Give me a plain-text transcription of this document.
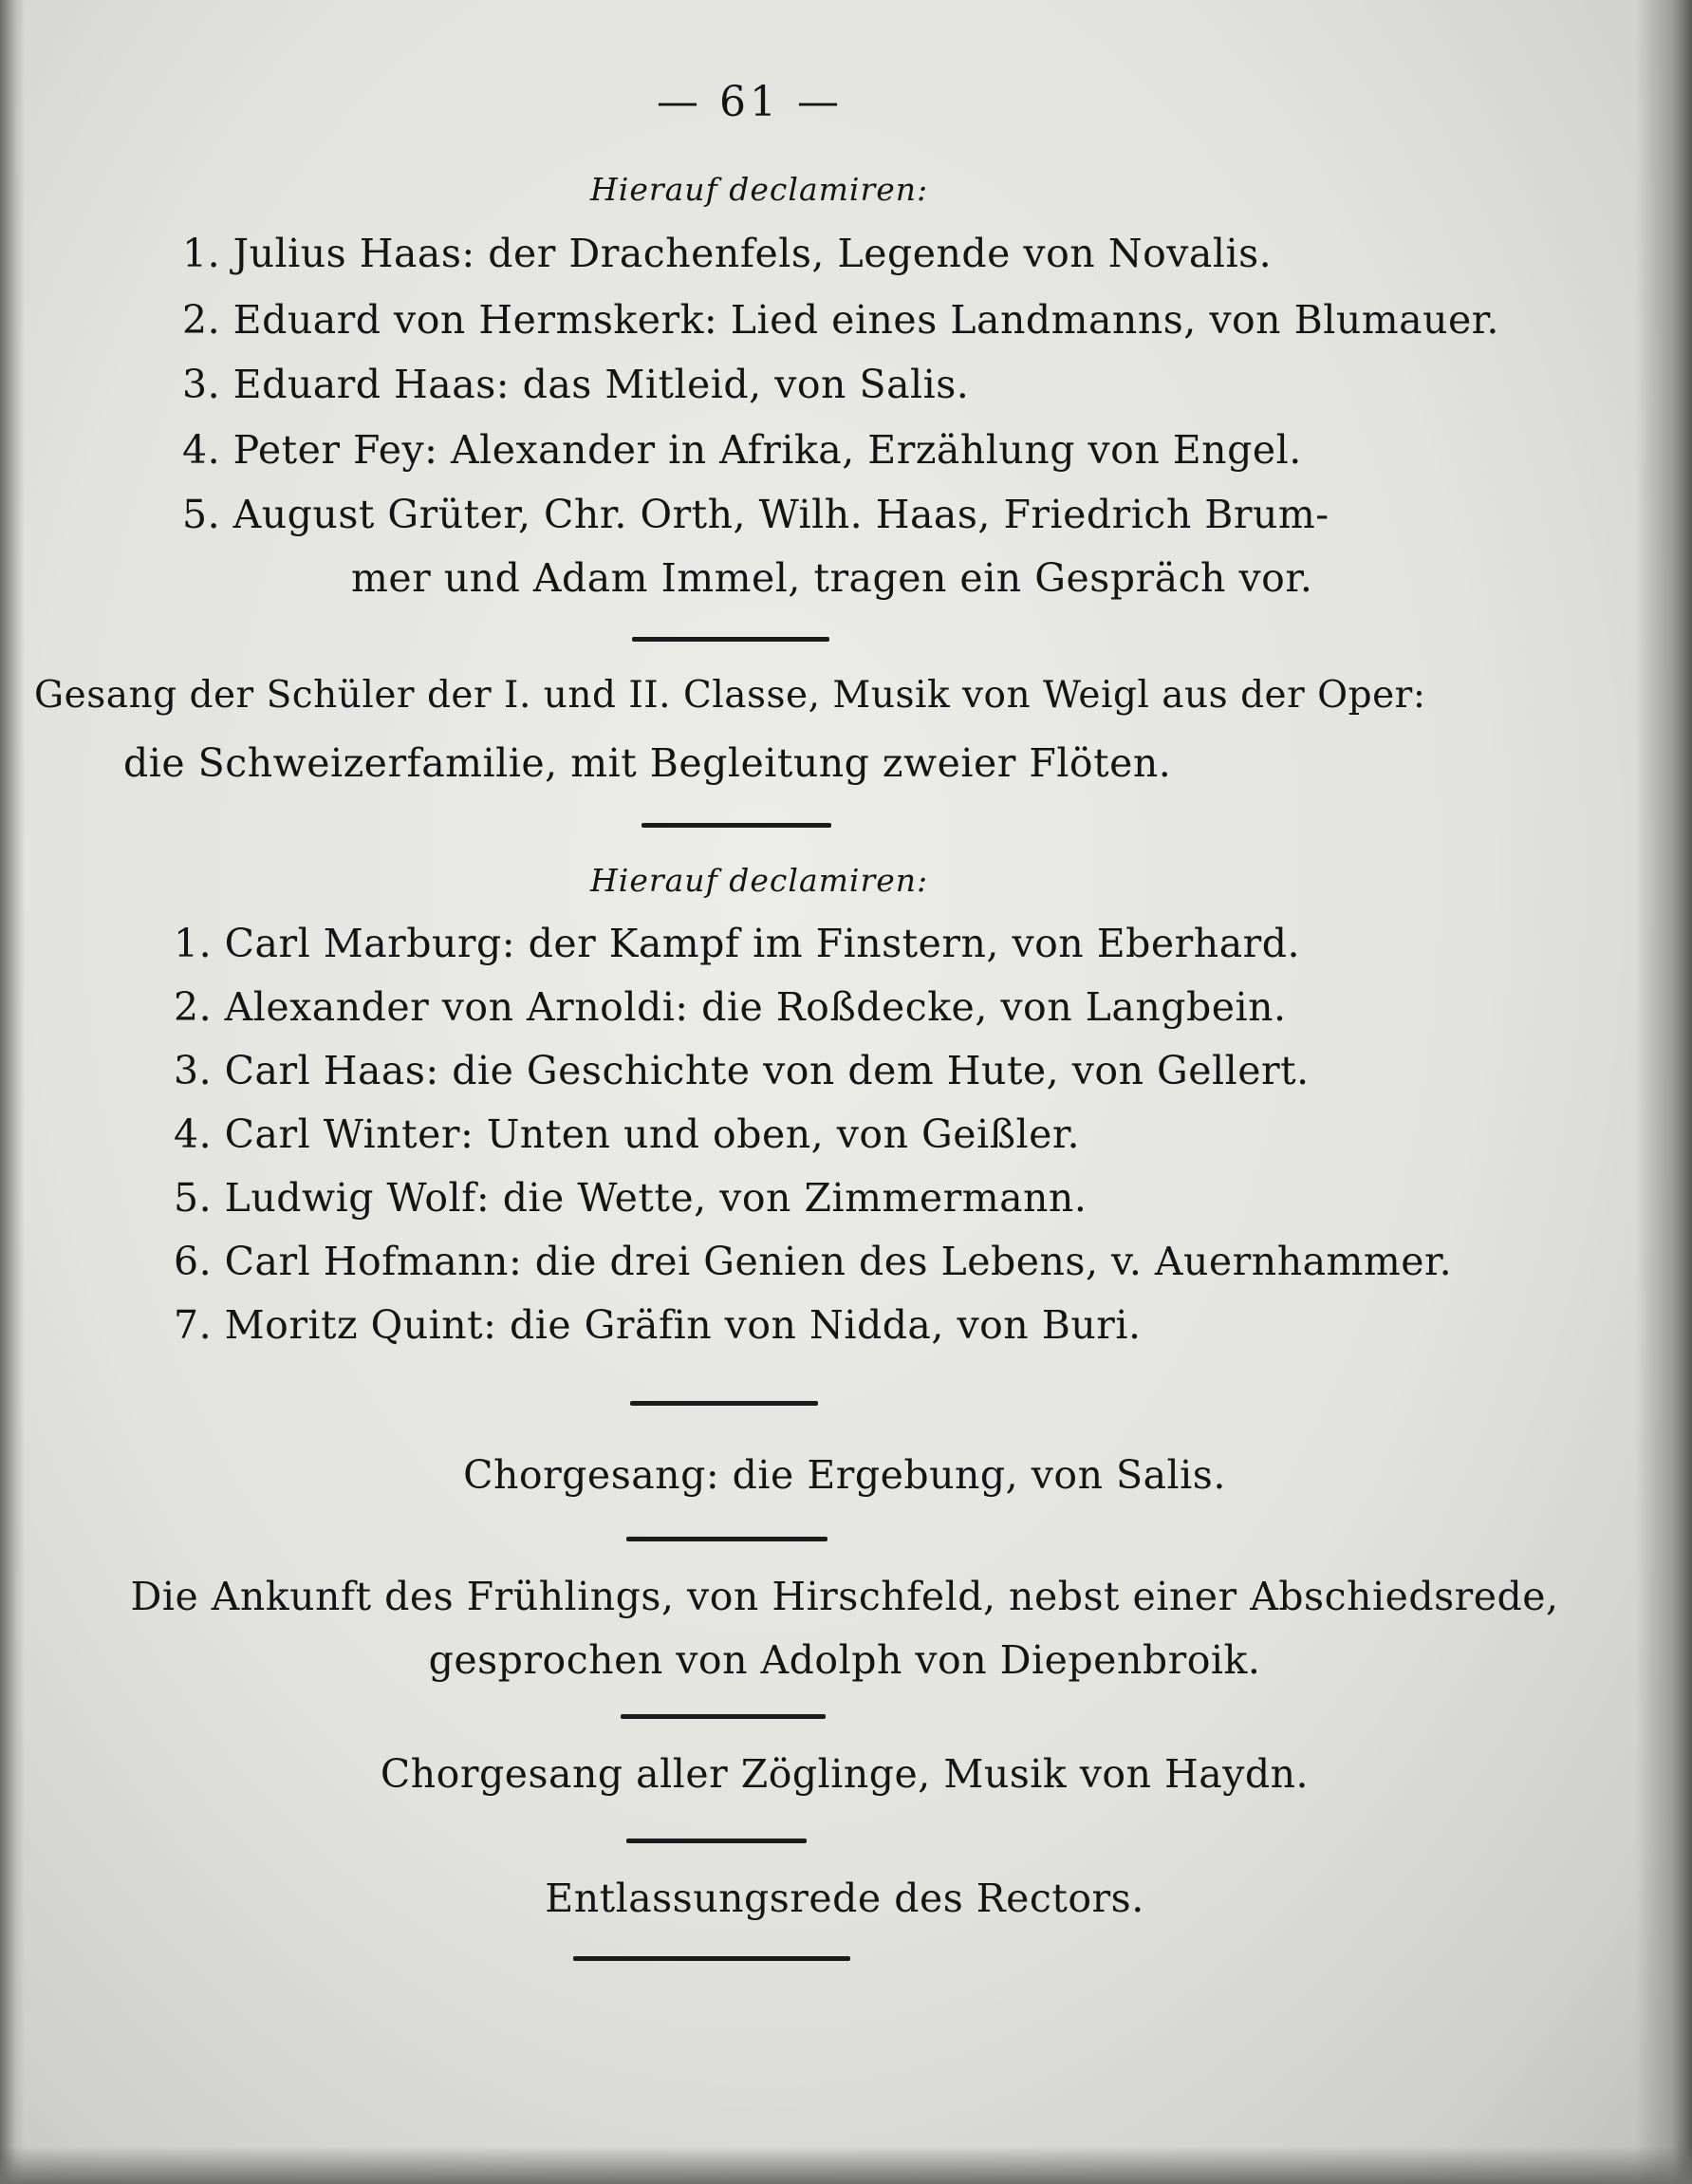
— 61 —
Hierauf declamiren:
1. Julius Haas: der Drachenfels, Legende von Novalis.
2. Eduard von Hermskerk: Lied eines Landmanns, von Blumauer.
3. Eduard Haas: das Mitleid, von Salis.
4. Peter Fey: Alexander in Afrika, Erzählung von Engel.
5. August Grüter, Chr. Orth, Wilh. Haas, Friedrich Brum-
mer und Adam Immel, tragen ein Gespräch vor.
Gesang der Schüler der I. und II. Classe, Musik von Weigl aus der Oper:
die Schweizerfamilie, mit Begleitung zweier Flöten.
Hierauf declamiren:
1. Carl Marburg: der Kampf im Finstern, von Eberhard.
2. Alexander von Arnoldi: die Roßdecke, von Langbein.
3. Carl Haas: die Geschichte von dem Hute, von Gellert.
4. Carl Winter: Unten und oben, von Geißler.
5. Ludwig Wolf: die Wette, von Zimmermann.
6. Carl Hofmann: die drei Genien des Lebens, v. Auernhammer.
7. Moritz Quint: die Gräfin von Nidda, von Buri.
Chorgesang: die Ergebung, von Salis.
Die Ankunft des Frühlings, von Hirschfeld, nebst einer Abschiedsrede,
gesprochen von Adolph von Diepenbroik.
Chorgesang aller Zöglinge, Musik von Haydn.
Entlassungsrede des Rectors.
